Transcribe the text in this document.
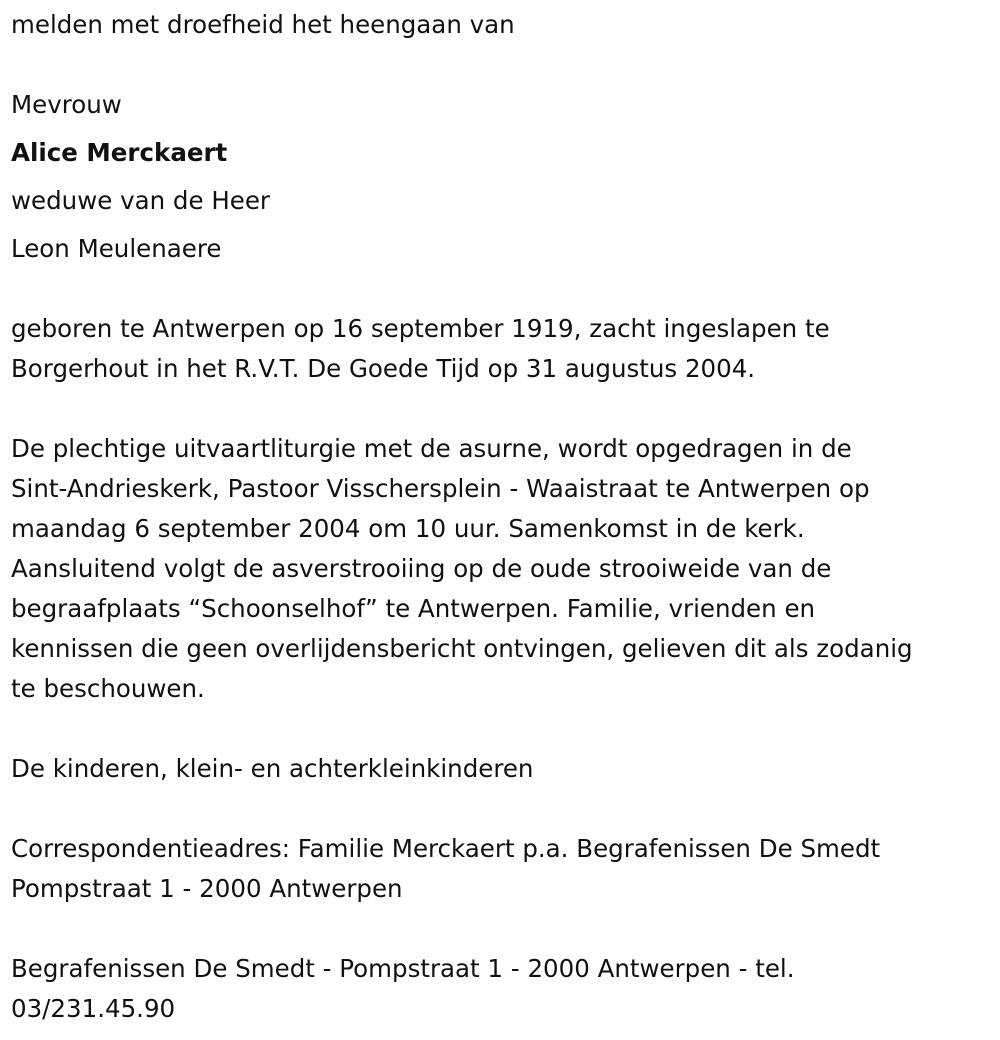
melden met droefheid het heengaan van

Mevrouw

Alice Merckaert

weduwe van de Heer

Leon Meulenaere

geboren te Antwerpen op 16 september 1919, zacht ingeslapen te

Borgerhout in het R.V.T. De Goede Tijd op 31 augustus 2004.

De plechtige uitvaartliturgie met de asurne, wordt opgedragen in de

Sint-Andrieskerk, Pastoor Visschersplein - Waaistraat te Antwerpen op

maandag 6 september 2004 om 10 uur. Samenkomst in de kerk.

Aansluitend volgt de asverstrooiing op de oude strooiweide van de

begraafplaats “Schoonselhof” te Antwerpen. Familie, vrienden en

kennissen die geen overlijdensbericht ontvingen, gelieven dit als zodanig

te beschouwen.

De kinderen, klein- en achterkleinkinderen

Correspondentieadres: Familie Merckaert p.a. Begrafenissen De Smedt

Pompstraat 1 - 2000 Antwerpen

Begrafenissen De Smedt - Pompstraat 1 - 2000 Antwerpen - tel.

03/231.45.90
